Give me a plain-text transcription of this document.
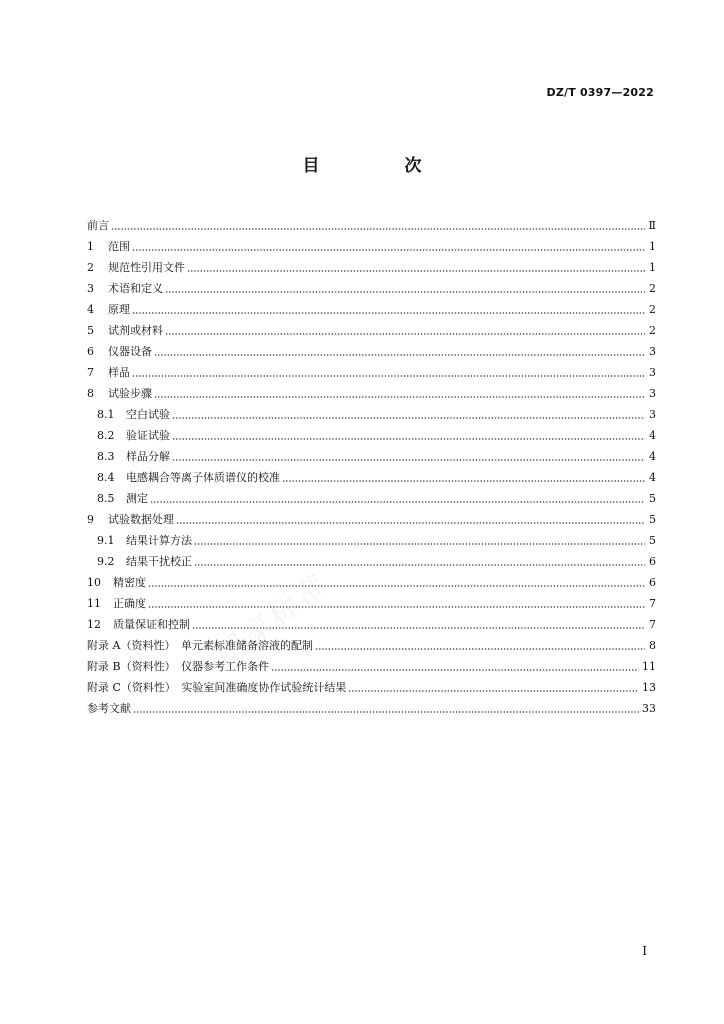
DZ/T 0397—2022
目　次
前言	Ⅱ
1	范围	1
2	规范性引用文件	1
3	术语和定义	2
4	原理	2
5	试剂或材料	2
6	仪器设备	3
7	样品	3
8	试验步骤	3
8.1	空白试验	3
8.2	验证试验	4
8.3	样品分解	4
8.4	电感耦合等离子体质谱仪的校准	4
8.5	测定	5
9	试验数据处理	5
9.1	结果计算方法	5
9.2	结果干扰校正	6
10	精密度	6
11	正确度	7
12	质量保证和控制	7
附录 A（资料性）　单元素标准储备溶液的配制	8
附录 B（资料性）　仪器参考工作条件	11
附录 C（资料性）　实验室间准确度协作试验统计结果	13
参考文献	33
I
